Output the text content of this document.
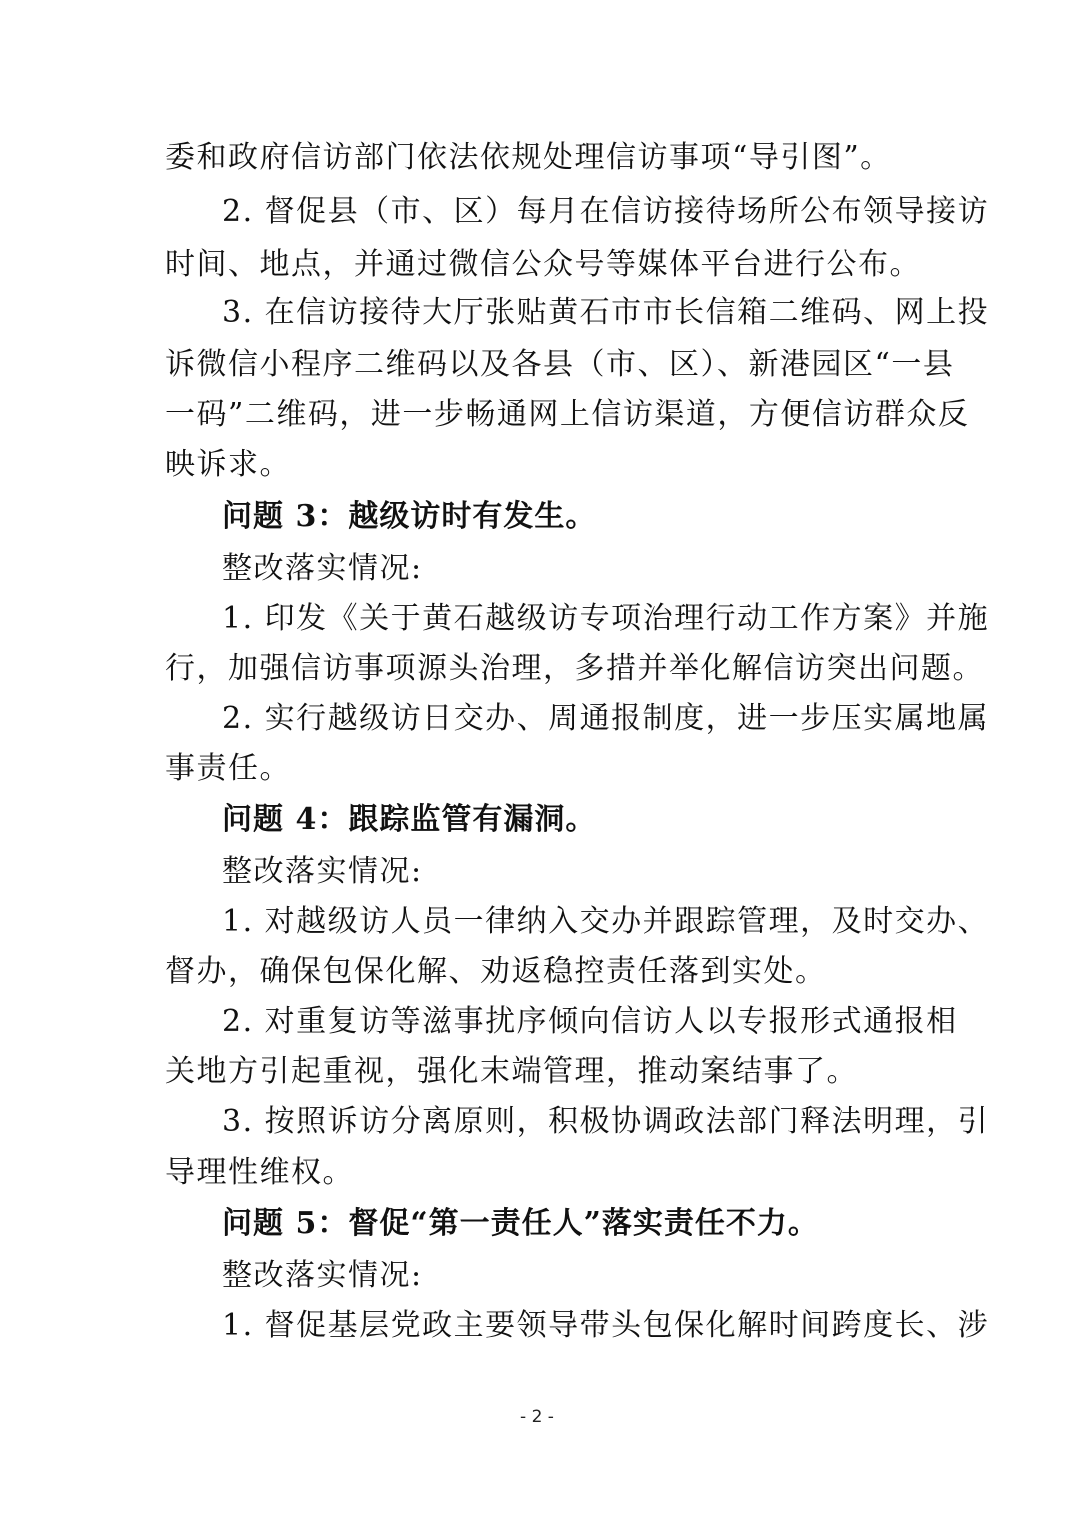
委和政府信访部门依法依规处理信访事项“导引图”。
2. 督促县（市、区）每月在信访接待场所公布领导接访
时间、地点，并通过微信公众号等媒体平台进行公布。
3. 在信访接待大厅张贴黄石市市长信箱二维码、网上投
诉微信小程序二维码以及各县（市、区）、新港园区“一县
一码”二维码，进一步畅通网上信访渠道，方便信访群众反
映诉求。
问题 3：越级访时有发生。
整改落实情况:
1. 印发《关于黄石越级访专项治理行动工作方案》并施
行，加强信访事项源头治理，多措并举化解信访突出问题。
2. 实行越级访日交办、周通报制度，进一步压实属地属
事责任。
问题 4：跟踪监管有漏洞。
整改落实情况:
1. 对越级访人员一律纳入交办并跟踪管理，及时交办、
督办，确保包保化解、劝返稳控责任落到实处。
2. 对重复访等滋事扰序倾向信访人以专报形式通报相
关地方引起重视，强化末端管理，推动案结事了。
3. 按照诉访分离原则，积极协调政法部门释法明理，引
导理性维权。
问题 5：督促“第一责任人”落实责任不力。
整改落实情况:
1. 督促基层党政主要领导带头包保化解时间跨度长、涉
- 2 -
